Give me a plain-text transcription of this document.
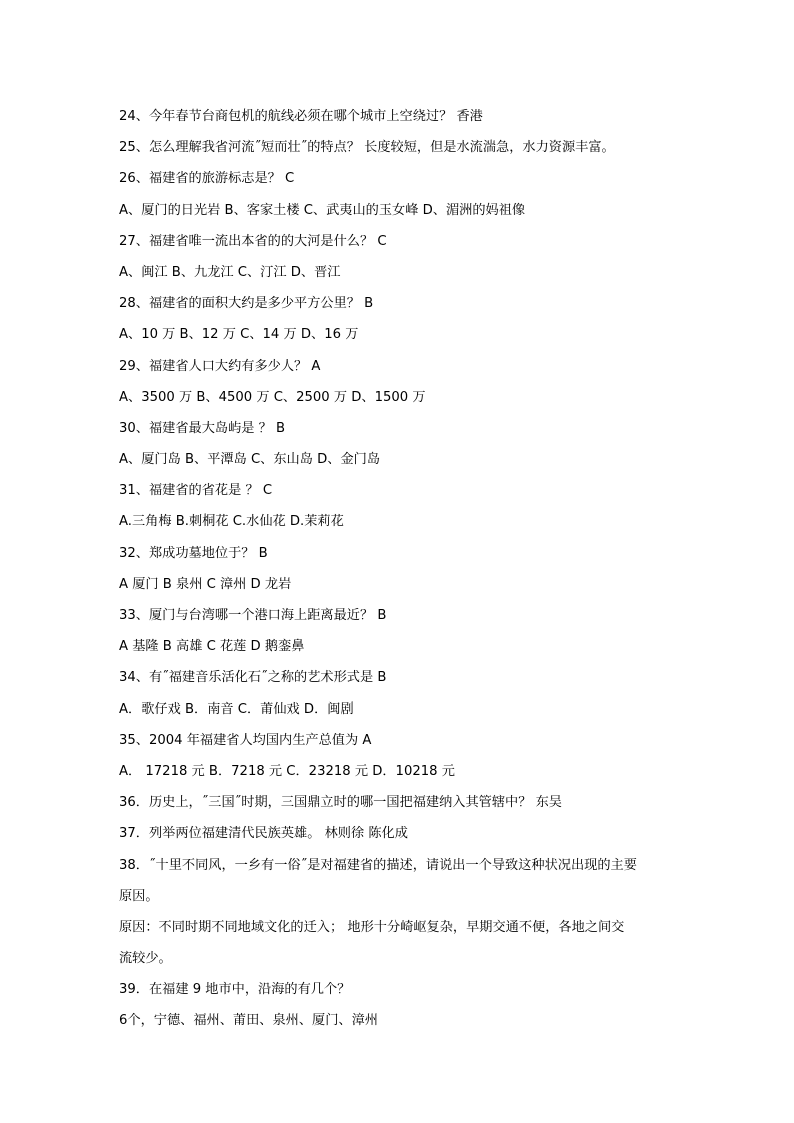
24、今年春节台商包机的航线必须在哪个城市上空绕过？ 香港
25、怎么理解我省河流˝短而壮˝的特点？ 长度较短，但是水流湍急，水力资源丰富。
26、福建省的旅游标志是？ C
A、厦门的日光岩 B、客家土楼 C、武夷山的玉女峰 D、湄洲的妈祖像
27、福建省唯一流出本省的的大河是什么？ C
A、闽江 B、九龙江 C、汀江 D、晋江
28、福建省的面积大约是多少平方公里？ B
A、10 万 B、12 万 C、14 万 D、16 万
29、福建省人口大约有多少人？ A
A、3500 万 B、4500 万 C、2500 万 D、1500 万
30、福建省最大岛屿是 ？ B
A、厦门岛 B、平潭岛 C、东山岛 D、金门岛
31、福建省的省花是 ？ C
A.三角梅 B.刺桐花 C.水仙花 D.茉莉花
32、郑成功墓地位于？ B
A 厦门 B 泉州 C 漳州 D 龙岩
33、厦门与台湾哪一个港口海上距离最近？ B
A 基隆 B 高雄 C 花莲 D 鹅銮鼻
34、有˝福建音乐活化石˝之称的艺术形式是 B
A．歌仔戏 B．南音 C．莆仙戏 D．闽剧
35、2004 年福建省人均国内生产总值为 A
A． 17218 元 B．7218 元 C．23218 元 D．10218 元
36．历史上，˝三国˝时期，三国鼎立时的哪一国把福建纳入其管辖中？ 东吴
37．列举两位福建清代民族英雄。 林则徐 陈化成
38．˝十里不同风，一乡有一俗˝是对福建省的描述，请说出一个导致这种状况出现的主要
原因。
原因：不同时期不同地域文化的迁入； 地形十分崎岖复杂，早期交通不便，各地之间交
流较少。
39．在福建 9 地市中，沿海的有几个？
6个，宁德、福州、莆田、泉州、厦门、漳州
